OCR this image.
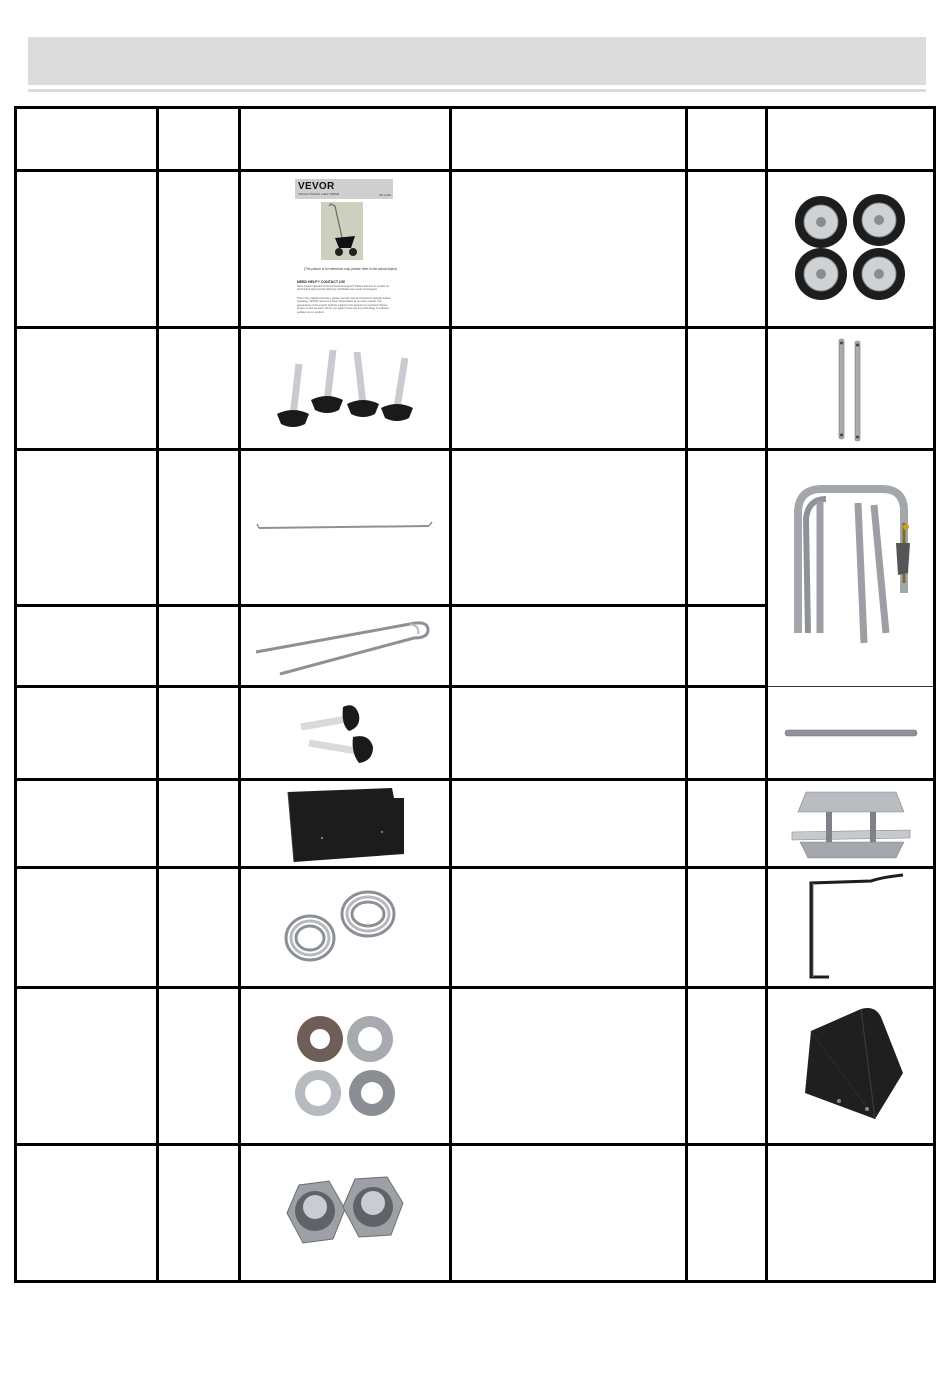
VEVOR
TOUGH TOOLS, HALF PRICE	SP-LA20
(The picture is for reference only, please refer to the actual object)
NEED HELP? CONTACT US!
Have product questions? Need technical support? Please feel free to contact us: Technical Support and E-Warranty Certificate www.vevor.com/support
This is the original instruction, please read all manual instructions carefully before operating. VEVOR reserves a clear interpretation of our user manual. The appearance of the product shall be subject to the product you received. Please forgive us that we won't inform you again if there are any technology or software updates on our product.
